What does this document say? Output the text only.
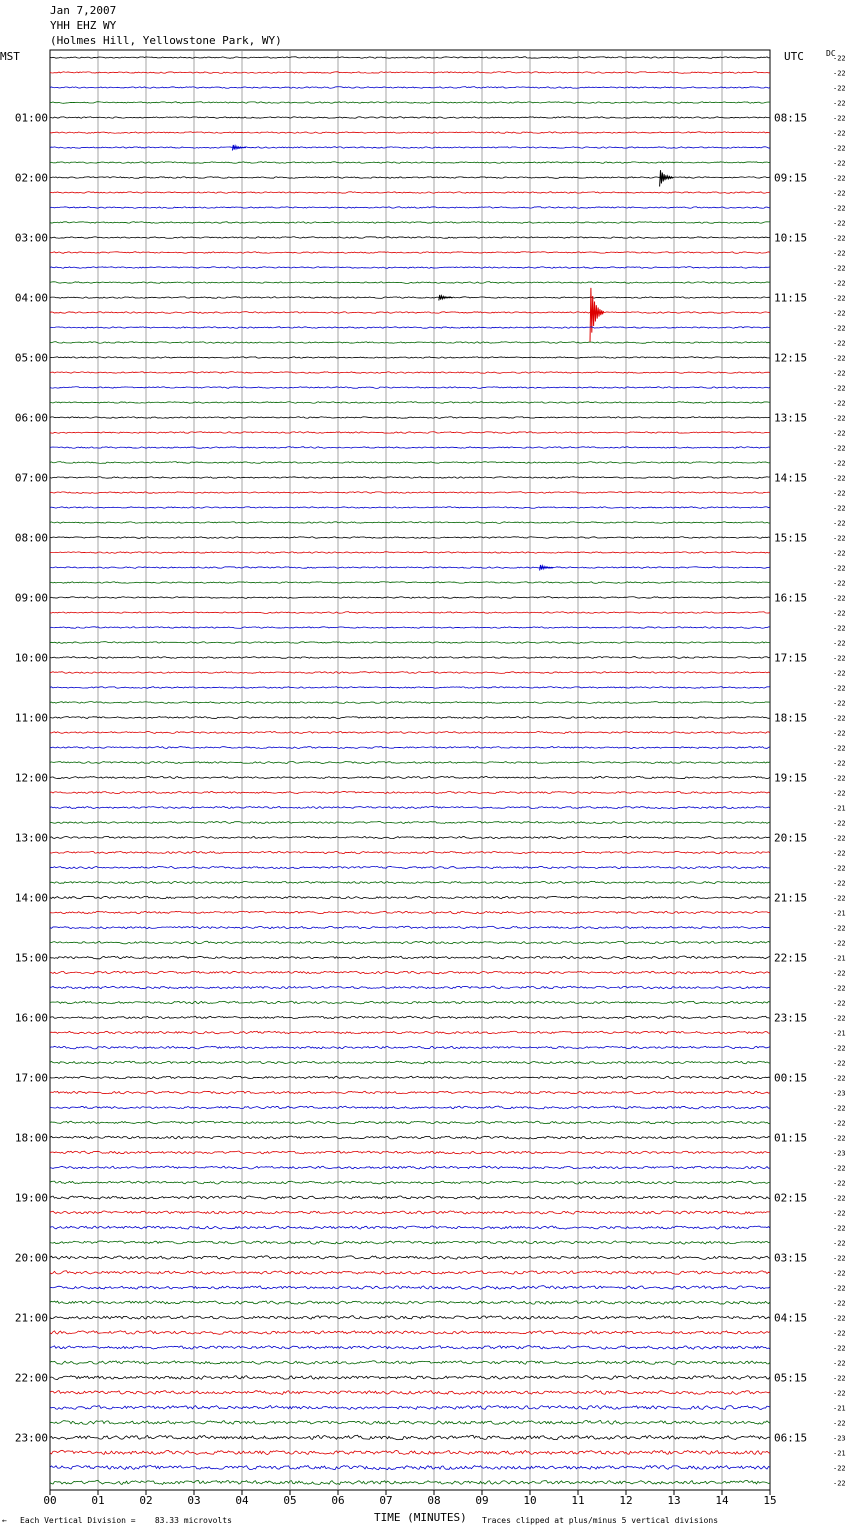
Jan 7,2007
YHH EHZ WY
(Holmes Hill, Yellowstone Park, WY)
MST	UTC	DC
01:00
02:00
03:00
04:00
05:00
06:00
07:00
08:00
09:00
10:00
11:00
12:00
13:00
14:00
15:00
16:00
17:00
18:00
19:00
20:00
21:00
22:00
23:00
08:15
09:15
10:15
11:15
12:15
13:15
14:15
15:15
16:15
17:15
18:15
19:15
20:15
21:15
22:15
23:15
00:15
01:15
02:15
03:15
04:15
05:15
06:15
-22
-22
-22
-22
-22
-22
-22
-22
-22
-22
-22
-22
-22
-22
-22
-22
-22
-22
-22
-22
-22
-22
-22
-22
-22
-22
-22
-22
-22
-22
-22
-22
-22
-22
-22
-22
-22
-22
-22
-22
-22
-22
-22
-22
-22
-22
-22
-22
-22
-22
-21
-22
-22
-22
-22
-22
-22
-21
-22
-22
-21
-22
-22
-22
-22
-21
-22
-22
-22
-23
-22
-22
-22
-23
-22
-22
-22
-22
-22
-22
-22
-22
-22
-22
-22
-22
-22
-22
-22
-22
-21
-22
-23
-21
-22
-22
00	01	02	03	04	05	06	07	08	09	10	11	12	13	14	15
← Each Vertical Division =    83.33 microvolts	TIME (MINUTES) Traces clipped at plus/minus 5 vertical divisions
